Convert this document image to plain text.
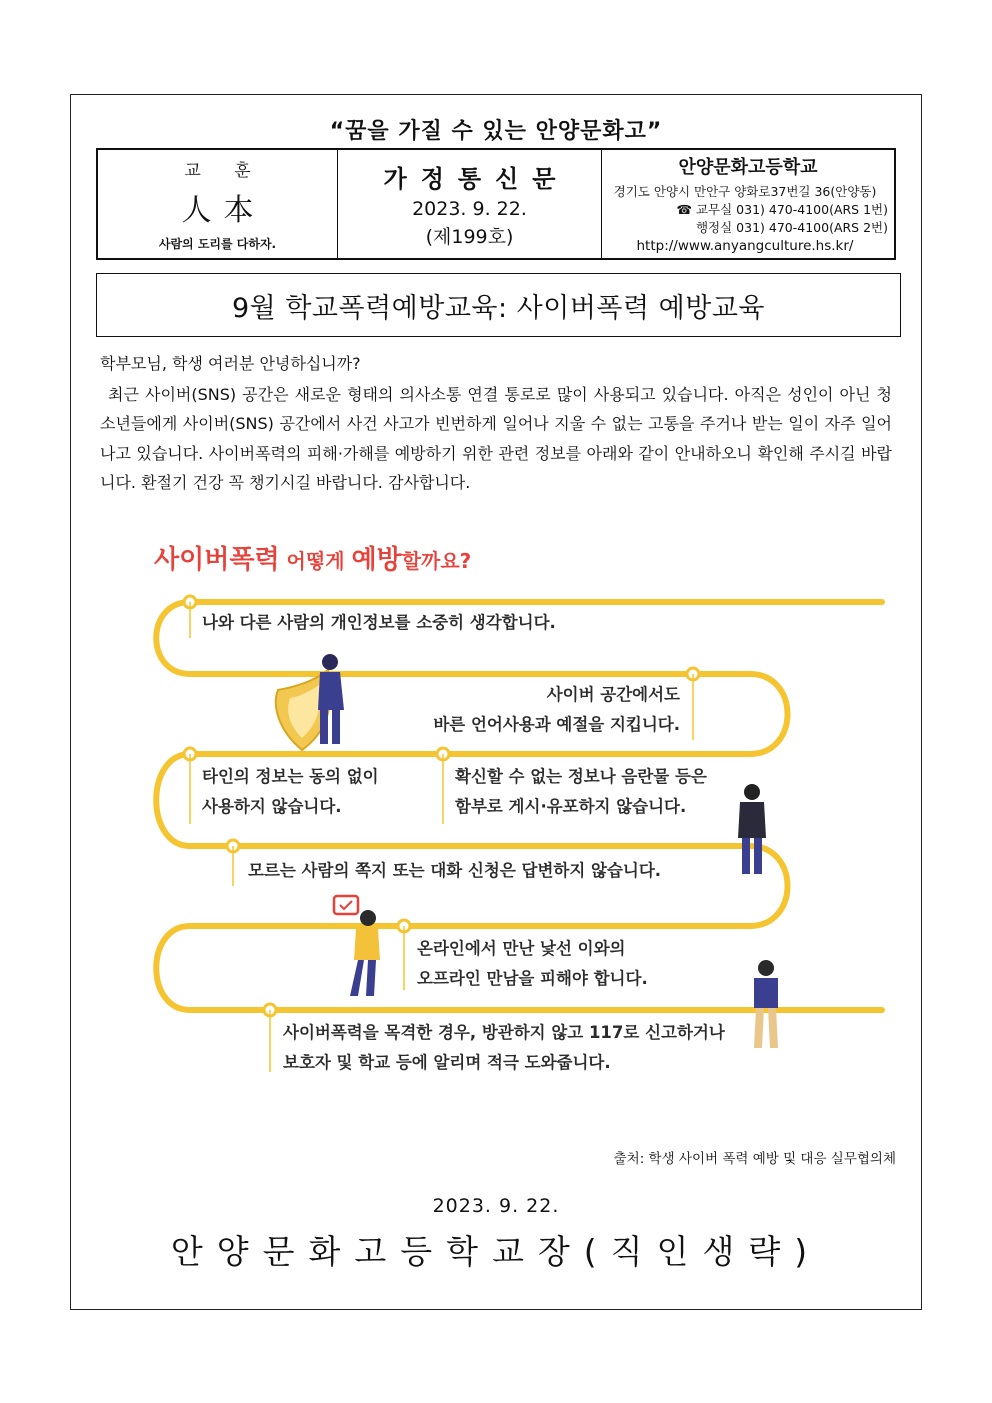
“꿈을 가질 수 있는 안양문화고”
교 훈
人本
사람의 도리를 다하자.
가정통신문
2023. 9. 22.
(제199호)
안양문화고등학교
경기도 안양시 만안구 양화로37번길 36(안양동)
☎ 교무실 031) 470-4100(ARS 1번)
행정실 031) 470-4100(ARS 2번)
http://www.anyangculture.hs.kr/
9월 학교폭력예방교육: 사이버폭력 예방교육
학부모님, 학생 여러분 안녕하십니까?
최근 사이버(SNS) 공간은 새로운 형태의 의사소통 연결 통로로 많이 사용되고 있습니다. 아직은 성인이 아닌 청소년들에게 사이버(SNS) 공간에서 사건 사고가 빈번하게 일어나 지울 수 없는 고통을 주거나 받는 일이 자주 일어나고 있습니다. 사이버폭력의 피해·가해를 예방하기 위한 관련 정보를 아래와 같이 안내하오니 확인해 주시길 바랍니다. 환절기 건강 꼭 챙기시길 바랍니다. 감사합니다.
사이버폭력 어떻게 예방할까요?
나와 다른 사람의 개인정보를 소중히 생각합니다.
사이버 공간에서도
바른 언어사용과 예절을 지킵니다.
타인의 정보는 동의 없이
사용하지 않습니다.
확신할 수 없는 정보나 음란물 등은
함부로 게시·유포하지 않습니다.
모르는 사람의 쪽지 또는 대화 신청은 답변하지 않습니다.
온라인에서 만난 낯선 이와의
오프라인 만남을 피해야 합니다.
사이버폭력을 목격한 경우, 방관하지 않고 117로 신고하거나
보호자 및 학교 등에 알리며 적극 도와줍니다.
출처: 학생 사이버 폭력 예방 및 대응 실무협의체
2023. 9. 22.
안양문화고등학교장(직인생략)
